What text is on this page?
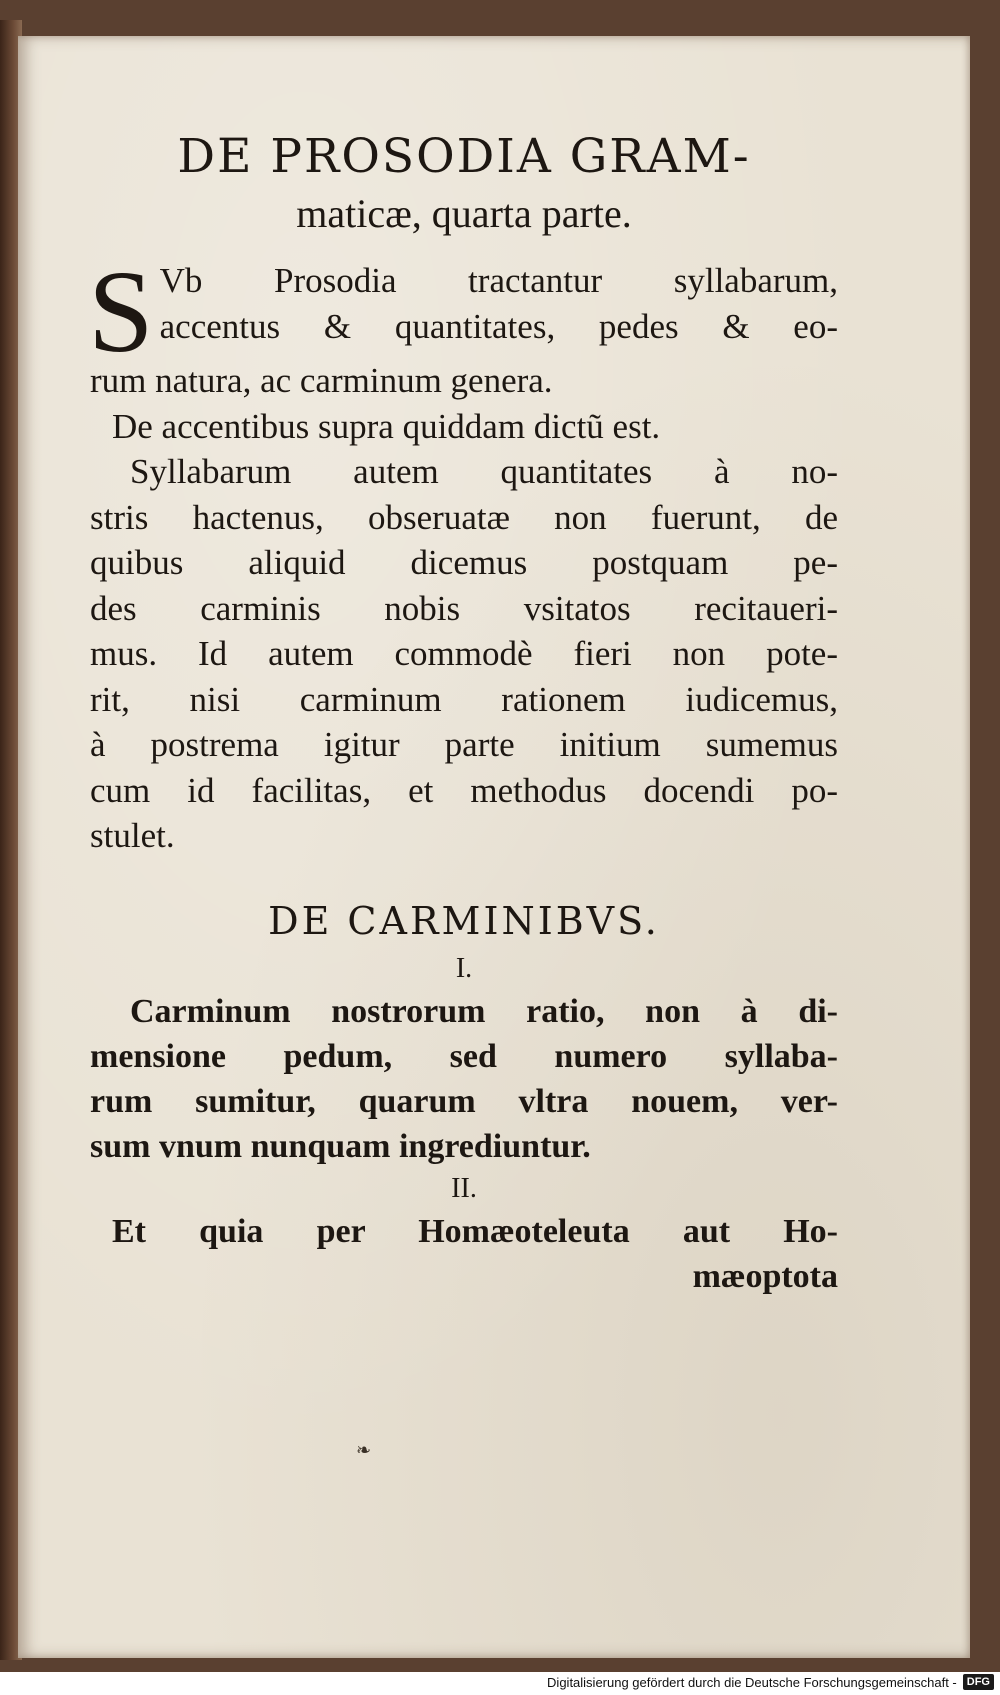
DE PROSODIA GRAM-

maticæ, quarta parte.

S Vb Prosodia tractantur syllabarum,
accentus & quantitates, pedes & eo-
rum natura, ac carminum genera.
De accentibus supra quiddam dictũ est.
Syllabarum autem quantitates à no-
stris hactenus, obseruatæ non fuerunt, de
quibus aliquid dicemus postquam pe-
des carminis nobis vsitatos recitaueri-
mus. Id autem commodè fieri non pote-
rit, nisi carminum rationem iudicemus,
à postrema igitur parte initium sumemus
cum id facilitas, et methodus docendi po-
stulet.

DE CARMINIBVS.

I.

Carminum nostrorum ratio, non à di-
mensione pedum, sed numero syllaba-
rum sumitur, quarum vltra nouem, ver-
sum vnum nunquam ingrediuntur.

II.

Et quia per Homæoteleuta aut Ho-
mæoptota
❧
Digitalisierung gefördert durch die Deutsche Forschungsgemeinschaft - DFG
